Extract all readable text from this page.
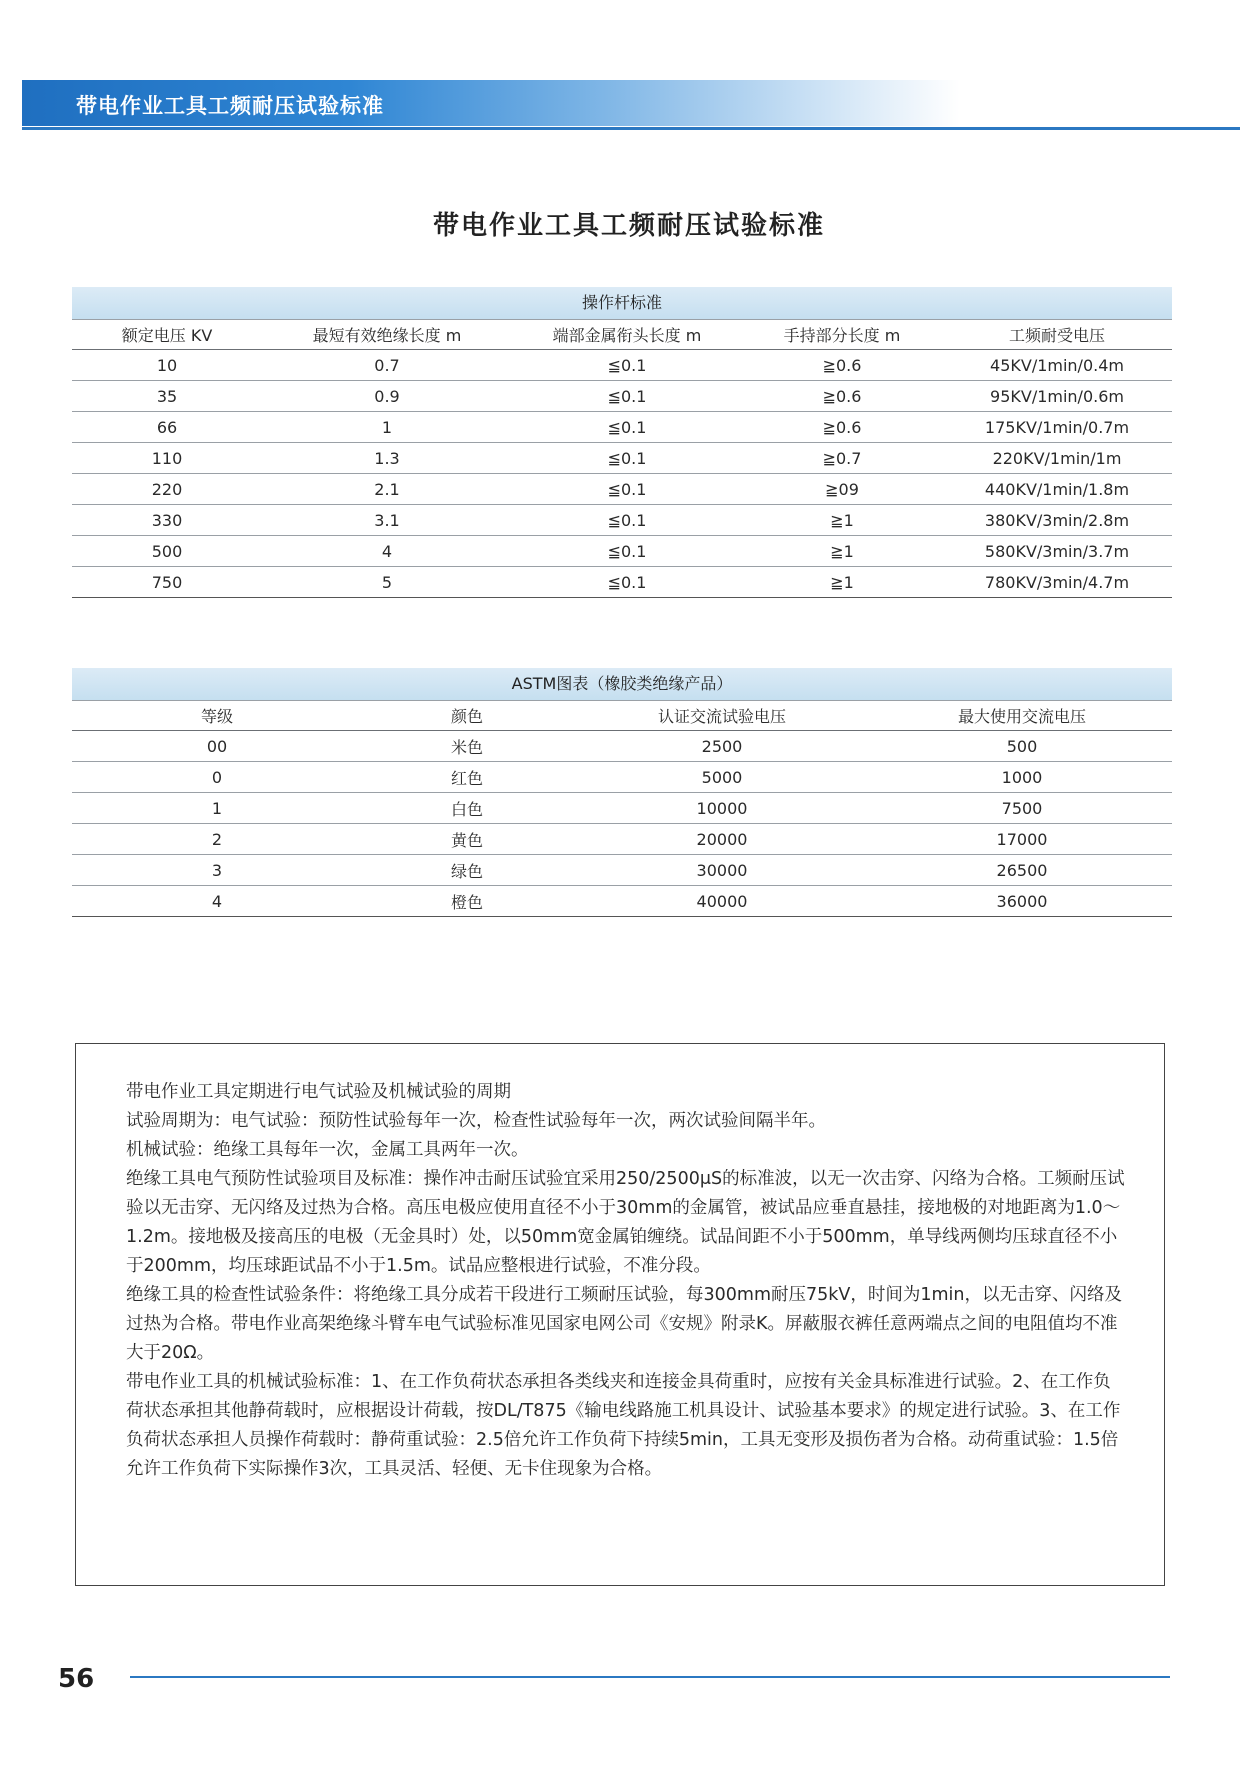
带电作业工具工频耐压试验标准
带电作业工具工频耐压试验标准
操作杆标准
额定电压 KV	最短有效绝缘长度 m	端部金属衔头长度 m	手持部分长度 m	工频耐受电压
10	0.7	≦0.1	≧0.6	45KV/1min/0.4m
35	0.9	≦0.1	≧0.6	95KV/1min/0.6m
66	1	≦0.1	≧0.6	175KV/1min/0.7m
110	1.3	≦0.1	≧0.7	220KV/1min/1m
220	2.1	≦0.1	≧09	440KV/1min/1.8m
330	3.1	≦0.1	≧1	380KV/3min/2.8m
500	4	≦0.1	≧1	580KV/3min/3.7m
750	5	≦0.1	≧1	780KV/3min/4.7m
ASTM图表（橡胶类绝缘产品）
等级	颜色	认证交流试验电压	最大使用交流电压
00	米色	2500	500
0	红色	5000	1000
1	白色	10000	7500
2	黄色	20000	17000
3	绿色	30000	26500
4	橙色	40000	36000

带电作业工具定期进行电气试验及机械试验的周期

试验周期为：电气试验：预防性试验每年一次，检查性试验每年一次，两次试验间隔半年。

机械试验：绝缘工具每年一次，金属工具两年一次。

绝缘工具电气预防性试验项目及标准：操作冲击耐压试验宜采用250/2500μS的标准波，以无一次击穿、闪络为合格。工频耐压试验以无击穿、无闪络及过热为合格。高压电极应使用直径不小于30mm的金属管，被试品应垂直悬挂，接地极的对地距离为1.0～1.2m。接地极及接高压的电极（无金具时）处，以50mm宽金属铂缠绕。试品间距不小于500mm，单导线两侧均压球直径不小于200mm，均压球距试品不小于1.5m。试品应整根进行试验，不准分段。

绝缘工具的检查性试验条件：将绝缘工具分成若干段进行工频耐压试验，每300mm耐压75kV，时间为1min，以无击穿、闪络及过热为合格。带电作业高架绝缘斗臂车电气试验标准见国家电网公司《安规》附录K。屏蔽服衣裤任意两端点之间的电阻值均不准大于20Ω。

带电作业工具的机械试验标准：1、在工作负荷状态承担各类线夹和连接金具荷重时，应按有关金具标准进行试验。2、在工作负荷状态承担其他静荷载时，应根据设计荷载，按DL/T875《输电线路施工机具设计、试验基本要求》的规定进行试验。3、在工作负荷状态承担人员操作荷载时：静荷重试验：2.5倍允许工作负荷下持续5min，工具无变形及损伤者为合格。动荷重试验：1.5倍允许工作负荷下实际操作3次，工具灵活、轻便、无卡住现象为合格。

56
